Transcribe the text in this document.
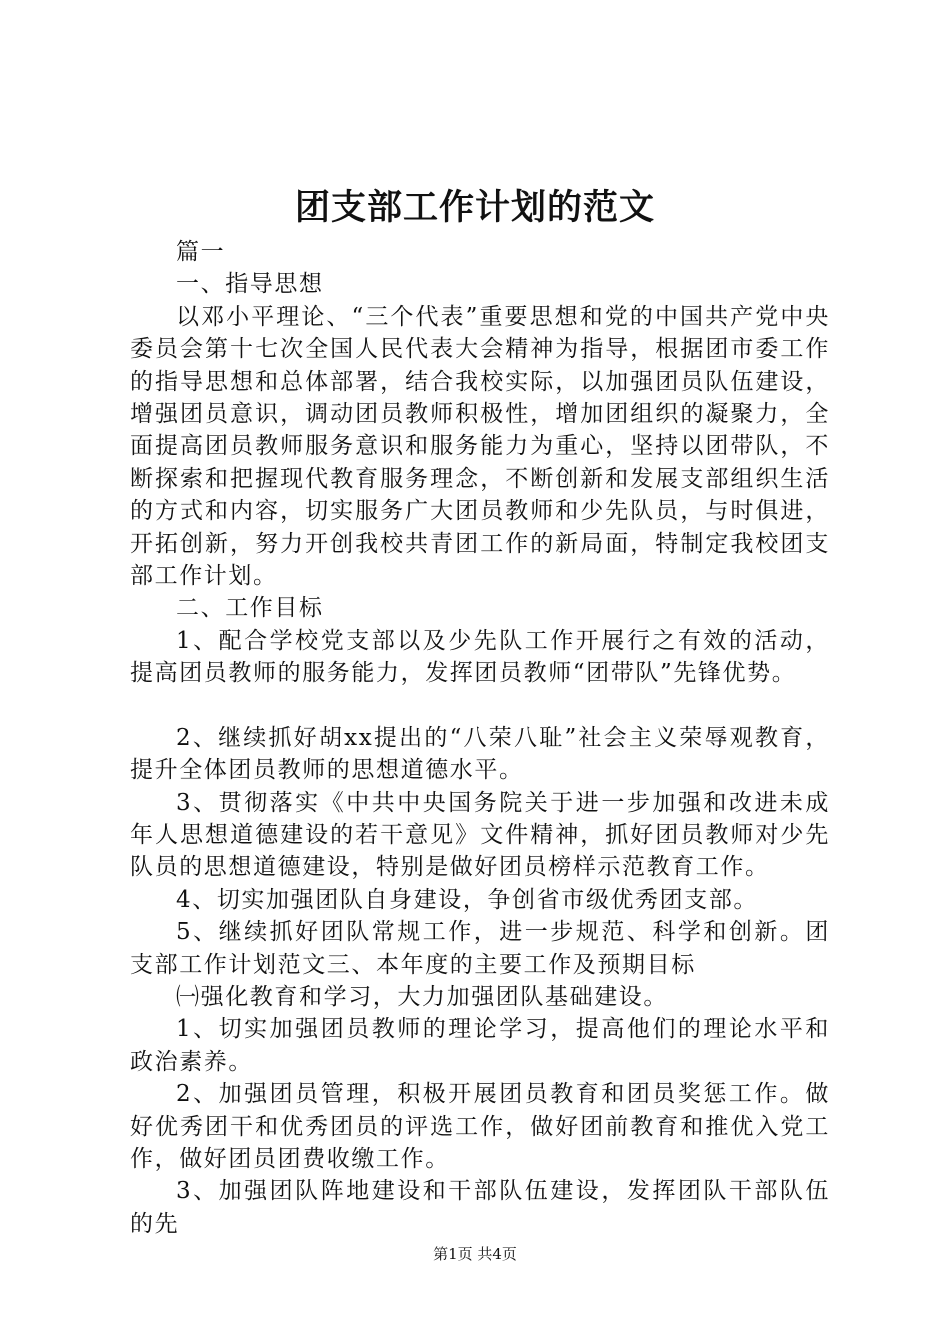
团支部工作计划的范文

篇一

一、指导思想

以邓小平理论、“三个代表”重要思想和党的中国共产党中央委员会第十七次全国人民代表大会精神为指导，根据团市委工作的指导思想和总体部署，结合我校实际，以加强团员队伍建设，增强团员意识，调动团员教师积极性，增加团组织的凝聚力，全面提高团员教师服务意识和服务能力为重心，坚持以团带队，不断探索和把握现代教育服务理念，不断创新和发展支部组织生活的方式和内容，切实服务广大团员教师和少先队员，与时俱进，开拓创新，努力开创我校共青团工作的新局面，特制定我校团支部工作计划。

二、工作目标

1、配合学校党支部以及少先队工作开展行之有效的活动，提高团员教师的服务能力，发挥团员教师“团带队”先锋优势。

2、继续抓好胡xx提出的“八荣八耻”社会主义荣辱观教育，提升全体团员教师的思想道德水平。

3、贯彻落实《中共中央国务院关于进一步加强和改进未成年人思想道德建设的若干意见》文件精神，抓好团员教师对少先队员的思想道德建设，特别是做好团员榜样示范教育工作。

4、切实加强团队自身建设，争创省市级优秀团支部。

5、继续抓好团队常规工作，进一步规范、科学和创新。团支部工作计划范文三、本年度的主要工作及预期目标

㈠强化教育和学习，大力加强团队基础建设。

1、切实加强团员教师的理论学习，提高他们的理论水平和政治素养。

2、加强团员管理，积极开展团员教育和团员奖惩工作。做好优秀团干和优秀团员的评选工作，做好团前教育和推优入党工作，做好团员团费收缴工作。

3、加强团队阵地建设和干部队伍建设，发挥团队干部队伍的先

第1页 共4页
